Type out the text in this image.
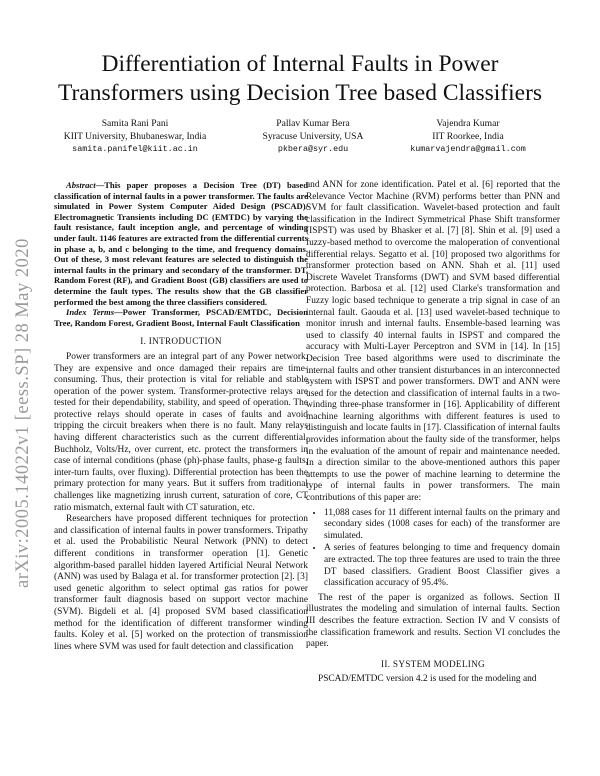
arXiv:2005.14022v1 [eess.SP] 28 May 2020
Differentiation of Internal Faults in Power Transformers using Decision Tree based Classifiers
Samita Rani Pani
KIIT University, Bhubaneswar, India
samita.panifel@kiit.ac.in
Pallav Kumar Bera
Syracuse University, USA
pkbera@syr.edu
Vajendra Kumar
IIT Roorkee, India
kumarvajendra@gmail.com

Abstract—This paper proposes a Decision Tree (DT) based classification of internal faults in a power transformer. The faults are simulated in Power System Computer Aided Design (PSCAD)/ Electromagnetic Transients including DC (EMTDC) by varying the fault resistance, fault inception angle, and percentage of winding under fault. 1146 features are extracted from the differential currents in phase a, b, and c belonging to the time, and frequency domains. Out of these, 3 most relevant features are selected to distinguish the internal faults in the primary and secondary of the transformer. DT, Random Forest (RF), and Gradient Boost (GB) classifiers are used to determine the fault types. The results show that the GB classifier performed the best among the three classifiers considered.

Index Terms—Power Transformer, PSCAD/EMTDC, Decision Tree, Random Forest, Gradient Boost, Internal Fault Classification

I. INTRODUCTION

Power transformers are an integral part of any Power network. They are expensive and once damaged their repairs are time-consuming. Thus, their protection is vital for reliable and stable operation of the power system. Transformer-protective relays are tested for their dependability, stability, and speed of operation. The protective relays should operate in cases of faults and avoid tripping the circuit breakers when there is no fault. Many relays having different characteristics such as the current differential, Buchholz, Volts/Hz, over current, etc. protect the transformers in case of internal conditions (phase (ph)-phase faults, phase-g faults, inter-turn faults, over fluxing). Differential protection has been the primary protection for many years. But it suffers from traditional challenges like magnetizing inrush current, saturation of core, CT ratio mismatch, external fault with CT saturation, etc.

Researchers have proposed different techniques for protection and classification of internal faults in power transformers. Tripathy et al. used the Probabilistic Neural Network (PNN) to detect different conditions in transformer operation [1]. Genetic algorithm-based parallel hidden layered Artificial Neural Network (ANN) was used by Balaga et al. for transformer protection [2]. [3] used genetic algorithm to select optimal gas ratios for power transformer fault diagnosis based on support vector machine (SVM). Bigdeli et al. [4] proposed SVM based classification method for the identification of different transformer winding faults. Koley et al. [5] worked on the protection of transmission lines where SVM was used for fault detection and classification

and ANN for zone identification. Patel et al. [6] reported that the Relevance Vector Machine (RVM) performs better than PNN and SVM for fault classification. Wavelet-based protection and fault classification in the Indirect Symmetrical Phase Shift transformer (ISPST) was used by Bhasker et al. [7] [8]. Shin et al. [9] used a fuzzy-based method to overcome the maloperation of conventional differential relays. Segatto et al. [10] proposed two algorithms for transformer protection based on ANN. Shah et al. [11] used Discrete Wavelet Transforms (DWT) and SVM based differential protection. Barbosa et al. [12] used Clarke's transformation and Fuzzy logic based technique to generate a trip signal in case of an internal fault. Gaouda et al. [13] used wavelet-based technique to monitor inrush and internal faults. Ensemble-based learning was used to classify 40 internal faults in ISPST and compared the accuracy with Multi-Layer Perceptron and SVM in [14]. In [15] Decision Tree based algorithms were used to discriminate the internal faults and other transient disturbances in an interconnected system with ISPST and power transformers. DWT and ANN were used for the detection and classification of internal faults in a two-winding three-phase transformer in [16]. Applicability of different machine learning algorithms with different features is used to distinguish and locate faults in [17]. Classification of internal faults provides information about the faulty side of the transformer, helps in the evaluation of the amount of repair and maintenance needed. In a direction similar to the above-mentioned authors this paper attempts to use the power of machine learning to determine the type of internal faults in power transformers. The main contributions of this paper are:

• 11,088 cases for 11 different internal faults on the primary and secondary sides (1008 cases for each) of the transformer are simulated.
• A series of features belonging to time and frequency domain are extracted. The top three features are used to train the three DT based classifiers. Gradient Boost Classifier gives a classification accuracy of 95.4%.

The rest of the paper is organized as follows. Section II illustrates the modeling and simulation of internal faults. Section III describes the feature extraction. Section IV and V consists of the classification framework and results. Section VI concludes the paper.

II. SYSTEM MODELING

PSCAD/EMTDC version 4.2 is used for the modeling and
